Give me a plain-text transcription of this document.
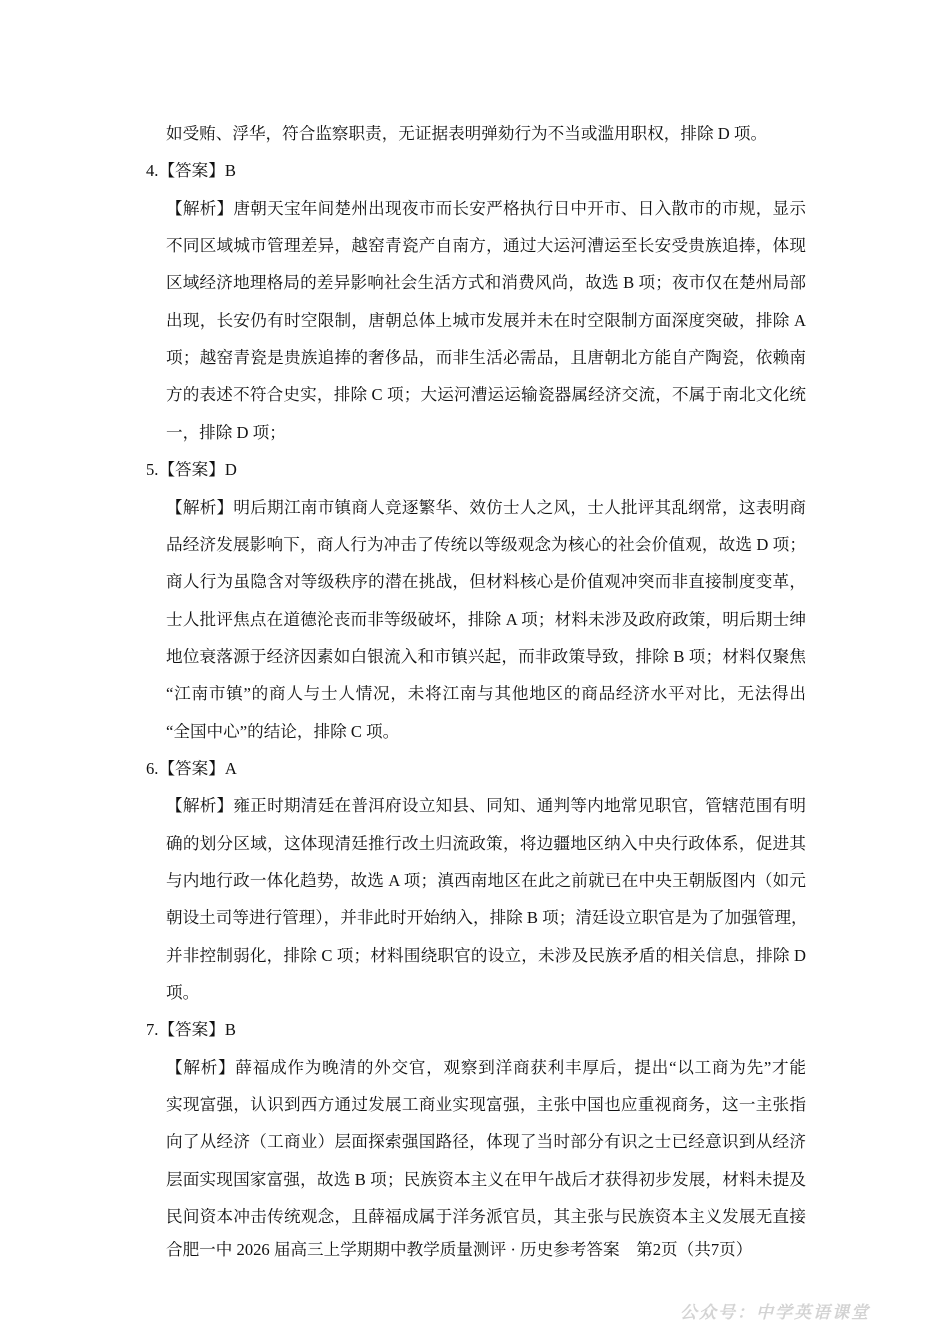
如受贿、浮华，符合监察职责，无证据表明弹劾行为不当或滥用职权，排除 D 项。
4.【答案】B
【解析】唐朝天宝年间楚州出现夜市而长安严格执行日中开市、日入散市的市规，显示
不同区域城市管理差异，越窑青瓷产自南方，通过大运河漕运至长安受贵族追捧，体现
区域经济地理格局的差异影响社会生活方式和消费风尚，故选 B 项；夜市仅在楚州局部
出现，长安仍有时空限制，唐朝总体上城市发展并未在时空限制方面深度突破，排除 A
项；越窑青瓷是贵族追捧的奢侈品，而非生活必需品，且唐朝北方能自产陶瓷，依赖南
方的表述不符合史实，排除 C 项；大运河漕运运输瓷器属经济交流，不属于南北文化统
一，排除 D 项；
5.【答案】D
【解析】明后期江南市镇商人竞逐繁华、效仿士人之风，士人批评其乱纲常，这表明商
品经济发展影响下，商人行为冲击了传统以等级观念为核心的社会价值观，故选 D 项；
商人行为虽隐含对等级秩序的潜在挑战，但材料核心是价值观冲突而非直接制度变革，
士人批评焦点在道德沦丧而非等级破坏，排除 A 项；材料未涉及政府政策，明后期士绅
地位衰落源于经济因素如白银流入和市镇兴起，而非政策导致，排除 B 项；材料仅聚焦
“江南市镇”的商人与士人情况，未将江南与其他地区的商品经济水平对比，无法得出
“全国中心”的结论，排除 C 项。
6.【答案】A
【解析】雍正时期清廷在普洱府设立知县、同知、通判等内地常见职官，管辖范围有明
确的划分区域，这体现清廷推行改土归流政策，将边疆地区纳入中央行政体系，促进其
与内地行政一体化趋势，故选 A 项；滇西南地区在此之前就已在中央王朝版图内（如元
朝设土司等进行管理），并非此时开始纳入，排除 B 项；清廷设立职官是为了加强管理，
并非控制弱化，排除 C 项；材料围绕职官的设立，未涉及民族矛盾的相关信息，排除 D
项。
7.【答案】B
【解析】薛福成作为晚清的外交官，观察到洋商获利丰厚后，提出“以工商为先”才能
实现富强，认识到西方通过发展工商业实现富强，主张中国也应重视商务，这一主张指
向了从经济（工商业）层面探索强国路径，体现了当时部分有识之士已经意识到从经济
层面实现国家富强，故选 B 项；民族资本主义在甲午战后才获得初步发展，材料未提及
民间资本冲击传统观念，且薛福成属于洋务派官员，其主张与民族资本主义发展无直接
合肥一中 2026 届高三上学期期中教学质量测评 · 历史参考答案　第2页（共7页）
公众号：中学英语课堂
